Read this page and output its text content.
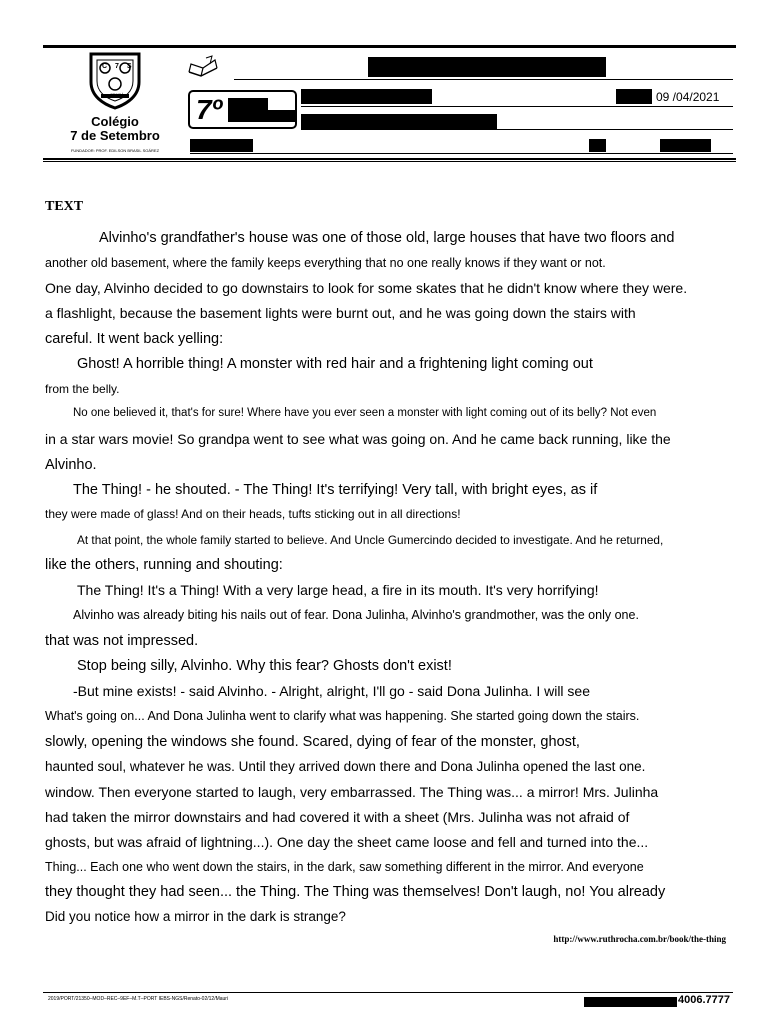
C 7 S
CEARÁ
Colégio
7 de Setembro
FUNDADOR: PROF. EDILSON BRASIL SOÁREZ
7º	09 /04/2021
TEXT
Alvinho's grandfather's house was one of those old, large houses that have two floors and
another old basement, where the family keeps everything that no one really knows if they want or not.
One day, Alvinho decided to go downstairs to look for some skates that he didn't know where they were.
a flashlight, because the basement lights were burnt out, and he was going down the stairs with
careful. It went back yelling:
Ghost! A horrible thing! A monster with red hair and a frightening light coming out
from the belly.
No one believed it, that's for sure! Where have you ever seen a monster with light coming out of its belly? Not even
in a star wars movie! So grandpa went to see what was going on. And he came back running, like the
Alvinho.
The Thing! - he shouted. - The Thing! It's terrifying! Very tall, with bright eyes, as if
they were made of glass! And on their heads, tufts sticking out in all directions!
At that point, the whole family started to believe. And Uncle Gumercindo decided to investigate. And he returned,
like the others, running and shouting:
The Thing! It's a Thing! With a very large head, a fire in its mouth. It's very horrifying!
Alvinho was already biting his nails out of fear. Dona Julinha, Alvinho's grandmother, was the only one.
that was not impressed.
Stop being silly, Alvinho. Why this fear? Ghosts don't exist!
-But mine exists! - said Alvinho. - Alright, alright, I'll go - said Dona Julinha. I will see
What's going on... And Dona Julinha went to clarify what was happening. She started going down the stairs.
slowly, opening the windows she found. Scared, dying of fear of the monster, ghost,
haunted soul, whatever he was. Until they arrived down there and Dona Julinha opened the last one.
window. Then everyone started to laugh, very embarrassed. The Thing was... a mirror! Mrs. Julinha
had taken the mirror downstairs and had covered it with a sheet (Mrs. Julinha was not afraid of
ghosts, but was afraid of lightning...). One day the sheet came loose and fell and turned into the...
Thing... Each one who went down the stairs, in the dark, saw something different in the mirror. And everyone
they thought they had seen... the Thing. The Thing was themselves! Don't laugh, no! You already
Did you notice how a mirror in the dark is strange?
http://www.ruthrocha.com.br/book/the-thing
2019/PORT/21350–MOD–REC–9EF–M.T–PORT IEBS-NGS/Renato-02/12/Mauri	4006.7777
